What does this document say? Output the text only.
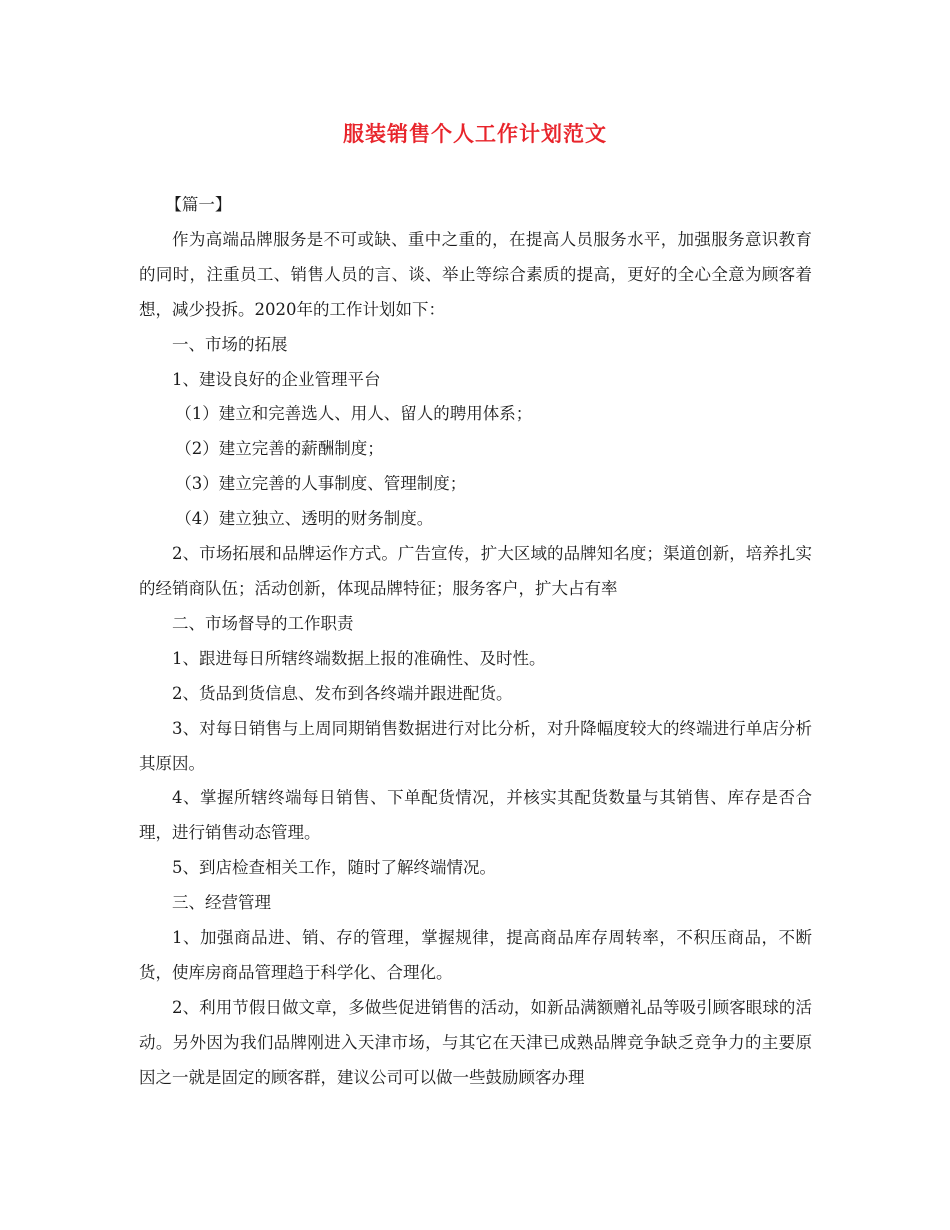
服装销售个人工作计划范文

【篇一】

作为高端品牌服务是不可或缺、重中之重的，在提高人员服务水平，加强服务意识教育的同时，注重员工、销售人员的言、谈、举止等综合素质的提高，更好的全心全意为顾客着想，减少投拆。2020年的工作计划如下：

一、市场的拓展

1、建设良好的企业管理平台

（1）建立和完善选人、用人、留人的聘用体系；

（2）建立完善的薪酬制度；

（3）建立完善的人事制度、管理制度；

（4）建立独立、透明的财务制度。

2、市场拓展和品牌运作方式。广告宣传，扩大区域的品牌知名度；渠道创新，培养扎实的经销商队伍；活动创新，体现品牌特征；服务客户，扩大占有率

二、市场督导的工作职责

1、跟进每日所辖终端数据上报的准确性、及时性。

2、货品到货信息、发布到各终端并跟进配货。

3、对每日销售与上周同期销售数据进行对比分析，对升降幅度较大的终端进行单店分析其原因。

4、掌握所辖终端每日销售、下单配货情况，并核实其配货数量与其销售、库存是否合理，进行销售动态管理。

5、到店检查相关工作，随时了解终端情况。

三、经营管理

1、加强商品进、销、存的管理，掌握规律，提高商品库存周转率，不积压商品，不断货，使库房商品管理趋于科学化、合理化。

2、利用节假日做文章，多做些促进销售的活动，如新品满额赠礼品等吸引顾客眼球的活动。另外因为我们品牌刚进入天津市场，与其它在天津已成熟品牌竞争缺乏竞争力的主要原因之一就是固定的顾客群，建议公司可以做一些鼓励顾客办理
